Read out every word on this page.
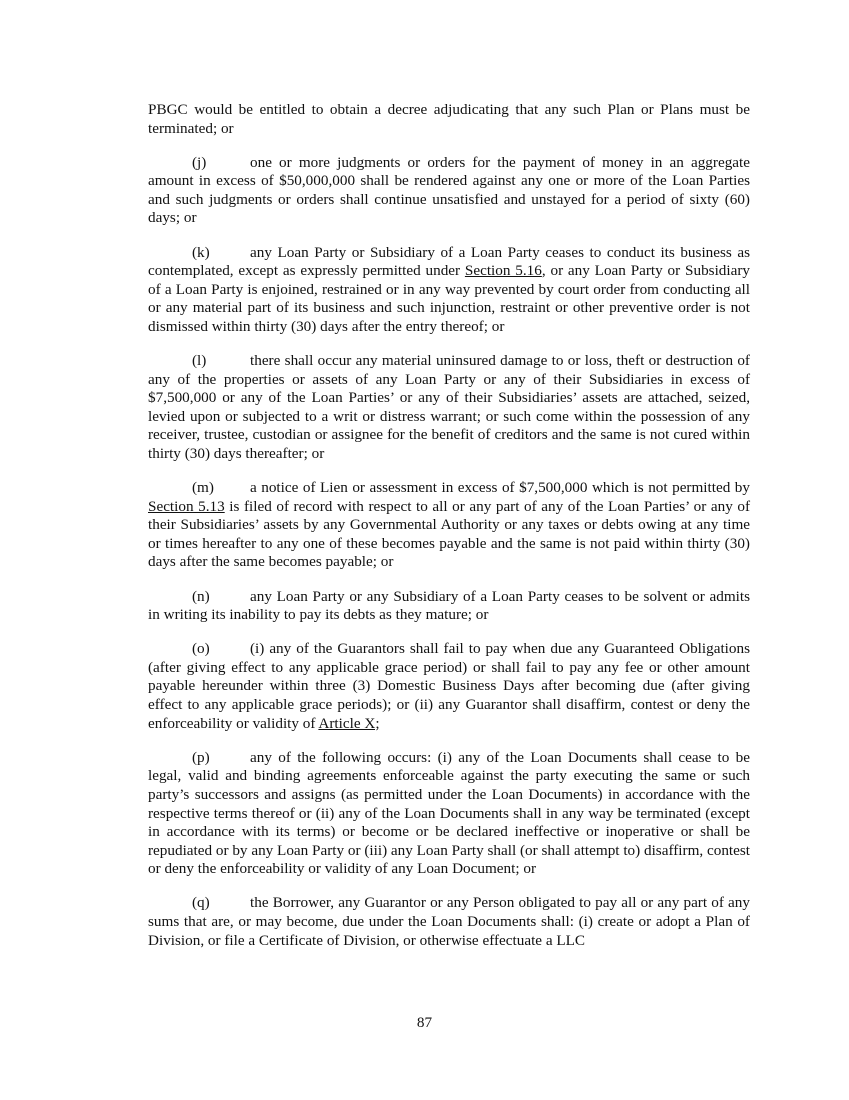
PBGC would be entitled to obtain a decree adjudicating that any such Plan or Plans must be terminated; or

(j)	one or more judgments or orders for the payment of money in an aggregate amount in excess of $50,000,000 shall be rendered against any one or more of the Loan Parties and such judgments or orders shall continue unsatisfied and unstayed for a period of sixty (60) days; or

(k)	any Loan Party or Subsidiary of a Loan Party ceases to conduct its business as contemplated, except as expressly permitted under Section 5.16, or any Loan Party or Subsidiary of a Loan Party is enjoined, restrained or in any way prevented by court order from conducting all or any material part of its business and such injunction, restraint or other preventive order is not dismissed within thirty (30) days after the entry thereof; or

(l)	there shall occur any material uninsured damage to or loss, theft or destruction of any of the properties or assets of any Loan Party or any of their Subsidiaries in excess of $7,500,000 or any of the Loan Parties’ or any of their Subsidiaries’ assets are attached, seized, levied upon or subjected to a writ or distress warrant; or such come within the possession of any receiver, trustee, custodian or assignee for the benefit of creditors and the same is not cured within thirty (30) days thereafter; or

(m) a notice of Lien or assessment in excess of $7,500,000 which is not permitted by Section 5.13 is filed of record with respect to all or any part of any of the Loan Parties’ or any of their Subsidiaries’ assets by any Governmental Authority or any taxes or debts owing at any time or times hereafter to any one of these becomes payable and the same is not paid within thirty (30) days after the same becomes payable; or

(n)	any Loan Party or any Subsidiary of a Loan Party ceases to be solvent or admits in writing its inability to pay its debts as they mature; or

(o)	(i) any of the Guarantors shall fail to pay when due any Guaranteed Obligations (after giving effect to any applicable grace period) or shall fail to pay any fee or other amount payable hereunder within three (3) Domestic Business Days after becoming due (after giving effect to any applicable grace periods); or (ii) any Guarantor shall disaffirm, contest or deny the enforceability or validity of Article X;

(p)	any of the following occurs: (i) any of the Loan Documents shall cease to be legal, valid and binding agreements enforceable against the party executing the same or such party’s successors and assigns (as permitted under the Loan Documents) in accordance with the respective terms thereof or (ii) any of the Loan Documents shall in any way be terminated (except in accordance with its terms) or become or be declared ineffective or inoperative or shall be repudiated or by any Loan Party or (iii) any Loan Party shall (or shall attempt to) disaffirm, contest or deny the enforceability or validity of any Loan Document; or

(q)	the Borrower, any Guarantor or any Person obligated to pay all or any part of any sums that are, or may become, due under the Loan Documents shall: (i) create or adopt a Plan of Division, or file a Certificate of Division, or otherwise effectuate a LLC

87
